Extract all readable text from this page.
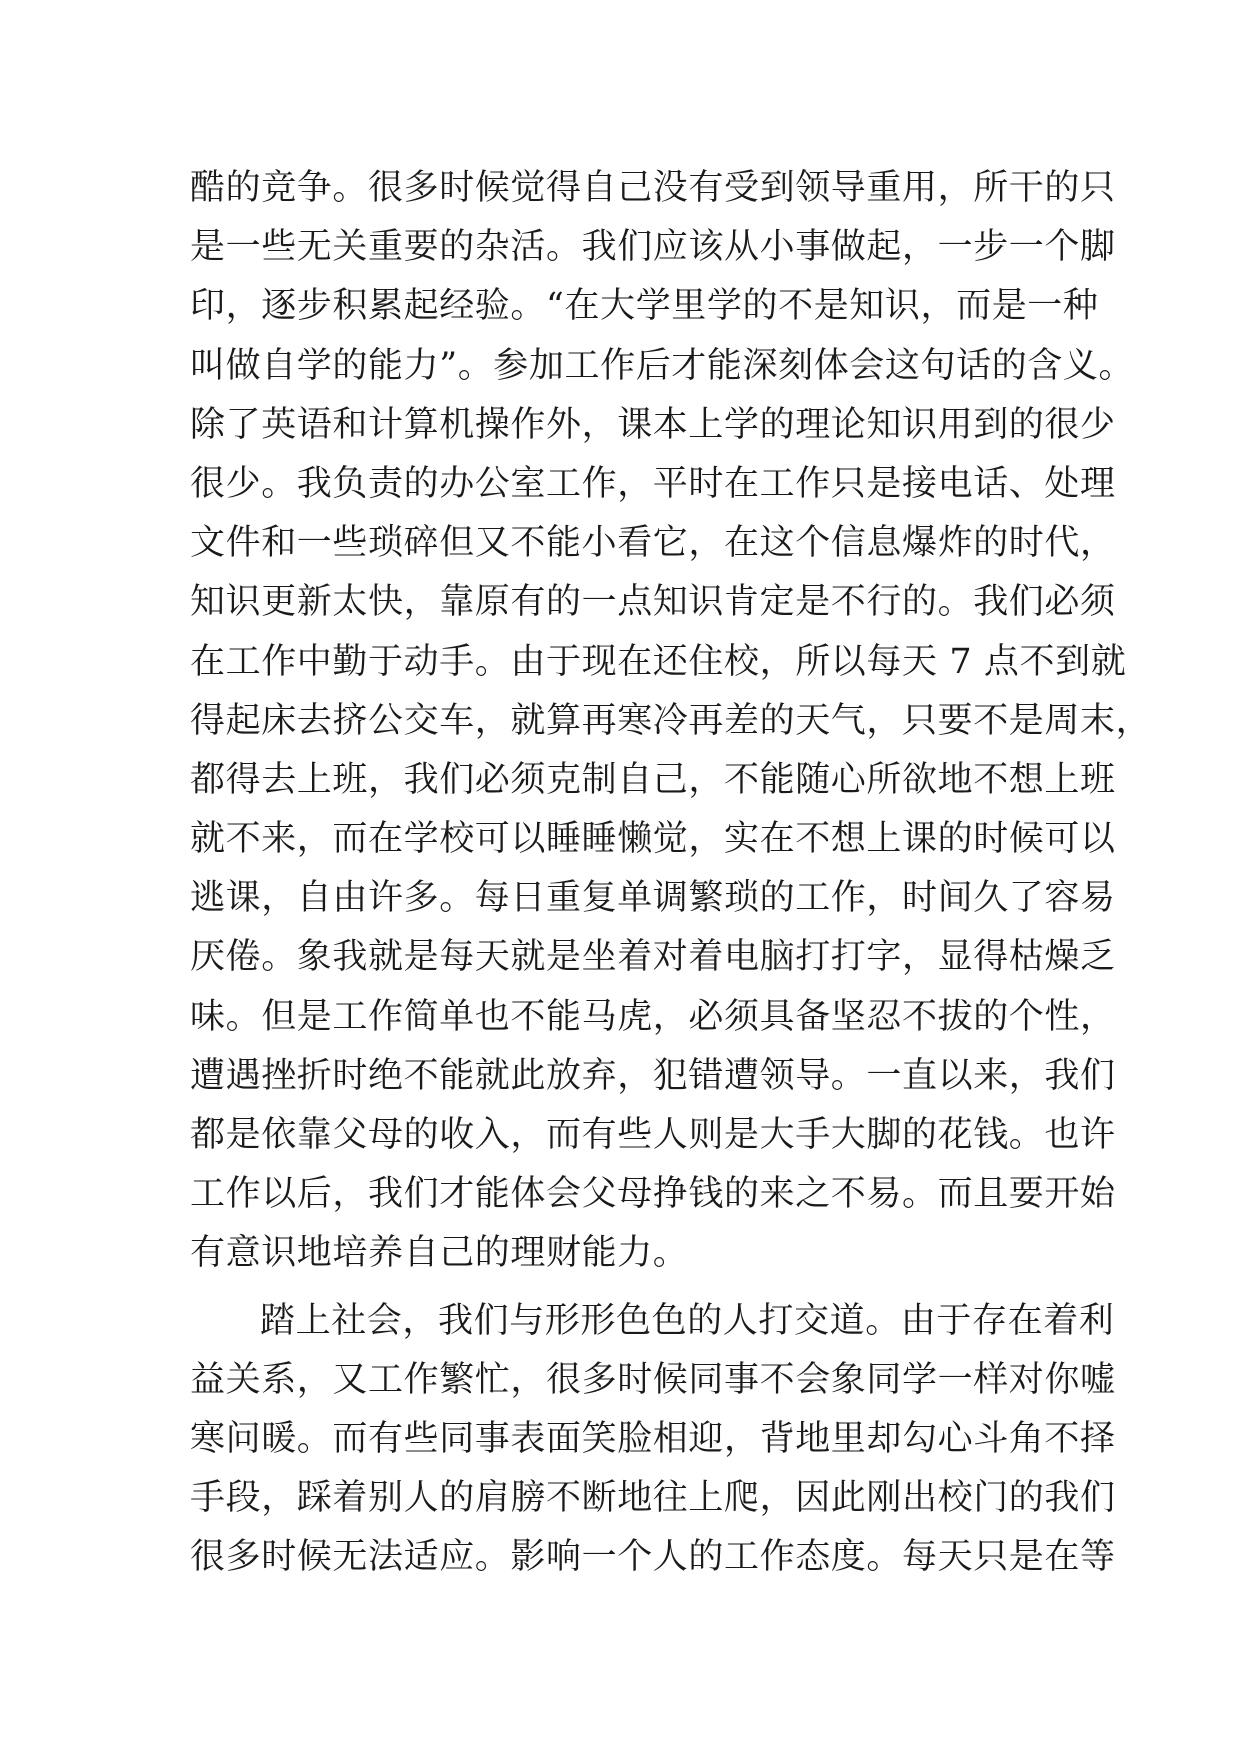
酷的竞争。很多时候觉得自己没有受到领导重用，所干的只
是一些无关重要的杂活。我们应该从小事做起，一步一个脚
印，逐步积累起经验。“在大学里学的不是知识，而是一种
叫做自学的能力”。参加工作后才能深刻体会这句话的含义。
除了英语和计算机操作外，课本上学的理论知识用到的很少
很少。我负责的办公室工作，平时在工作只是接电话、处理
文件和一些琐碎但又不能小看它，在这个信息爆炸的时代，
知识更新太快，靠原有的一点知识肯定是不行的。我们必须
在工作中勤于动手。由于现在还住校，所以每天 7 点不到就
得起床去挤公交车，就算再寒冷再差的天气，只要不是周末，
都得去上班，我们必须克制自己，不能随心所欲地不想上班
就不来，而在学校可以睡睡懒觉，实在不想上课的时候可以
逃课，自由许多。每日重复单调繁琐的工作，时间久了容易
厌倦。象我就是每天就是坐着对着电脑打打字，显得枯燥乏
味。但是工作简单也不能马虎，必须具备坚忍不拔的个性，
遭遇挫折时绝不能就此放弃，犯错遭领导。一直以来，我们
都是依靠父母的收入，而有些人则是大手大脚的花钱。也许
工作以后，我们才能体会父母挣钱的来之不易。而且要开始
有意识地培养自己的理财能力。
踏上社会，我们与形形色色的人打交道。由于存在着利
益关系，又工作繁忙，很多时候同事不会象同学一样对你嘘
寒问暖。而有些同事表面笑脸相迎，背地里却勾心斗角不择
手段，踩着别人的肩膀不断地往上爬，因此刚出校门的我们
很多时候无法适应。影响一个人的工作态度。每天只是在等
